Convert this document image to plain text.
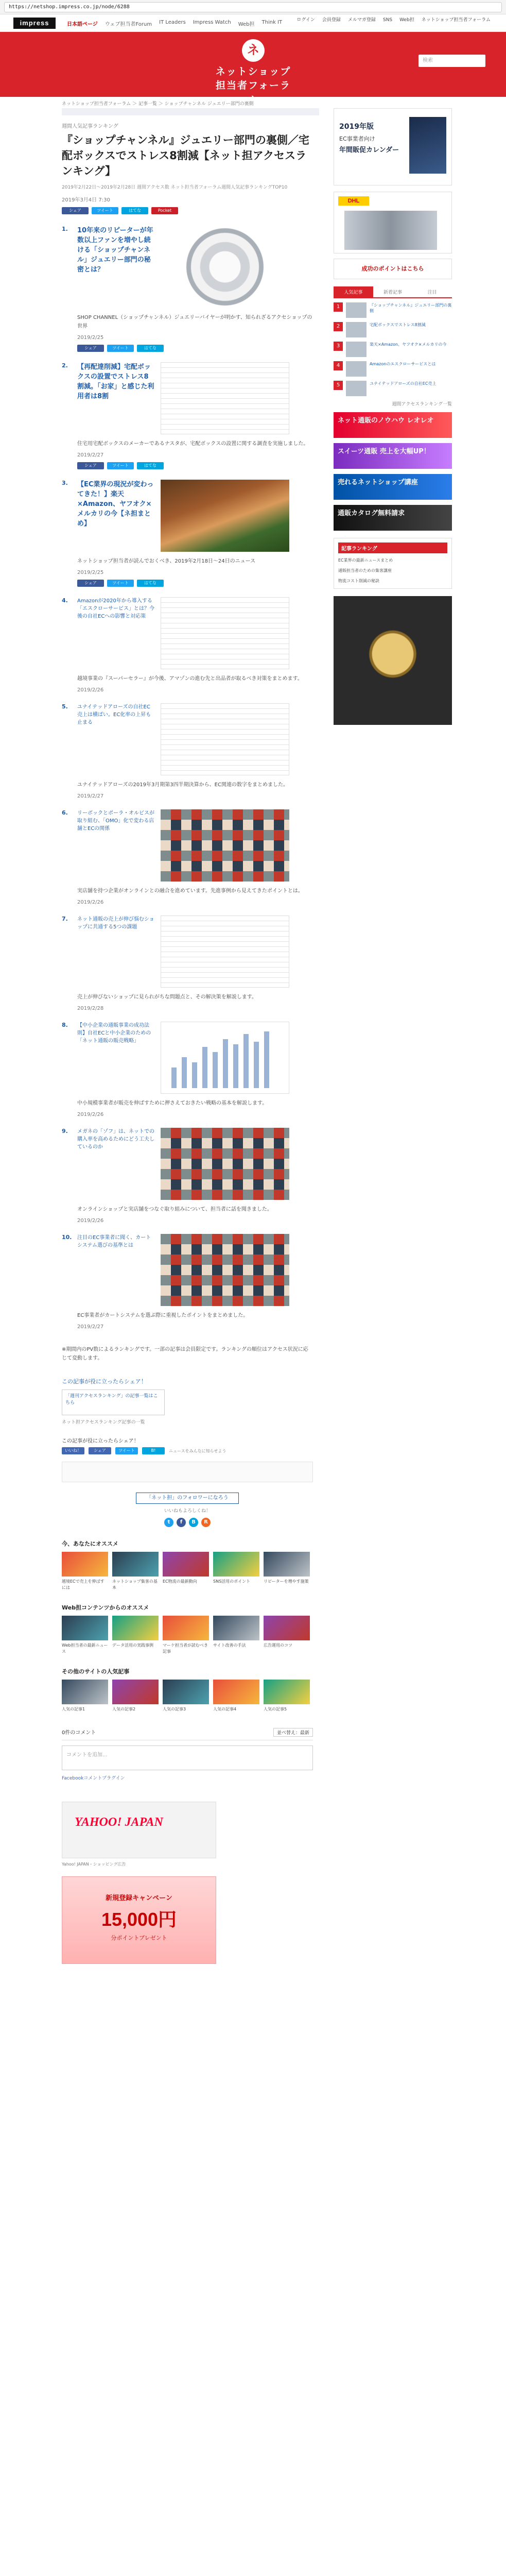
https://netshop.impress.co.jp/node/6288
impress	日本語ページ ウェブ担当者Forum IT Leaders Impress Watch Web担 Think IT	ログイン 会員登録 メルマガ登録 SNS Web担 ネットショップ担当者フォーラム
ネ
ネットショップ担当者フォーラム
検索
ネットショップ担当者フォーラム ＞ 記事一覧 ＞ ショップチャンネル ジュエリー部門の裏側
週間人気記事ランキング
『ショップチャンネル』ジュエリー部門の裏側／宅配ボックスでストレス8割減【ネット担アクセスランキング】
2019年2月22日～2019年2月28日 週間アクセス数 ネット担当者フォーラム週間人気記事ランキングTOP10
2019年3月4日 7:30
シェア	ツイート	はてな	Pocket
1.	10年来のリピーターが年数以上ファンを増やし続ける「ショップチャンネル」ジュエリー部門の秘密とは？
SHOP CHANNEL（ショップチャンネル）ジュエリーバイヤーが明かす、知られざるアクセショップの世界
2019/2/25
シェア	ツイート	はてな
2.	【再配達削減】宅配ボックスの設置でストレス8割減。「お家」と感じた利用者は8割
住宅用宅配ボックスのメーカーであるナスタが、宅配ボックスの設置に関する調査を実施しました。
2019/2/27
シェア	ツイート	はてな
3.	【EC業界の現況が変わってきた！】楽天×Amazon、ヤフオク×メルカリの今【ネ担まとめ】
ネットショップ担当者が読んでおくべき、2019年2月18日～24日のニュース
2019/2/25
シェア	ツイート	はてな
4.	Amazonが2020年から導入する「エスクローサービス」とは？今後の自社ECへの影響と対応策
越境事業の『スーパーセラー』が今後、アマゾンの進む先と出品者が取るべき対策をまとめます。
2019/2/26
5.	ユナイテッドアローズの自社EC売上は横ばい。EC化率の上昇も止まる
ユナイテッドアローズの2019年3月期第3四半期決算から、EC関連の数字をまとめました。
2019/2/27
6.	リーボックとポーラ・オルビスが取り組む、「OMO」化で変わる店舗とECの関係
実店舗を持つ企業がオンラインとの融合を進めています。先進事例から見えてきたポイントとは。
2019/2/26
7.	ネット通販の売上が伸び悩むショップに共通する5つの課題
売上が伸びないショップに見られがちな問題点と、その解決策を解説します。
2019/2/28
8.	【中小企業の通販事業の成功法則】自社ECと中小企業のための「ネット通販の販売戦略」
中小規模事業者が販売を伸ばすために押さえておきたい戦略の基本を解説します。
2019/2/26
9.	メガネの「ゾフ」は、ネットでの購入率を高めるためにどう工夫しているのか
オンラインショップと実店舗をつなぐ取り組みについて、担当者に話を聞きました。
2019/2/26
10. 注目のEC事業者に聞く、カートシステム選びの基準とは
EC事業者がカートシステムを選ぶ際に重視したポイントをまとめました。
2019/2/27

※期間内のPV数によるランキングです。一部の記事は会員限定です。ランキングの順位はアクセス状況に応じて変動します。

この記事が役に立ったらシェア！
「週刊アクセスランキング」の記事一覧はこちら
ネット担アクセスランキング記事の一覧
この記事が役に立ったらシェア！
いいね！	シェア	ツイート	B!	ニュースをみんなに知らせよう
「ネット担」のフォロワーになろう
いいねもよろしくね！
t	f	B	R
今、あなたにオススメ
越境ECで売上を伸ばすには
ネットショップ集客の基本
EC物流の最新動向	SNS活用のポイント	リピーターを増やす施策
Web担コンテンツからのオススメ
Web担当者の最新ニュース
データ活用の実践事例	マーケ担当者が読むべき記事
サイト改善の手法	広告運用のコツ
その他のサイトの人気記事
人気の記事1	人気の記事2	人気の記事3	人気の記事4	人気の記事5
0件のコメント	並べ替え：最新
コメントを追加...
Facebookコメントプラグイン
YAHOO! JAPAN
Yahoo! JAPAN・ショッピング広告
新規登録キャンペーン
15,000円
分ポイントプレゼント
2019年版
EC事業者向け
年間販促カレンダー
DHL
成功のポイントはこちら
人気記事	新着記事	注目
1	『ショップチャンネル』ジュエリー部門の裏側
2	宅配ボックスでストレス8割減
3	楽天×Amazon、ヤフオク×メルカリの今
4	Amazonのエスクローサービスとは
5	ユナイテッドアローズの自社EC売上
週間アクセスランキング一覧
ネット通販のノウハウ レオレオ
スイーツ通販 売上を大幅UP！
売れるネットショップ講座
通販カタログ無料請求
記事ランキング
EC業界の最新ニュースまとめ
通販担当者のための集客講座
物流コスト削減の秘訣
